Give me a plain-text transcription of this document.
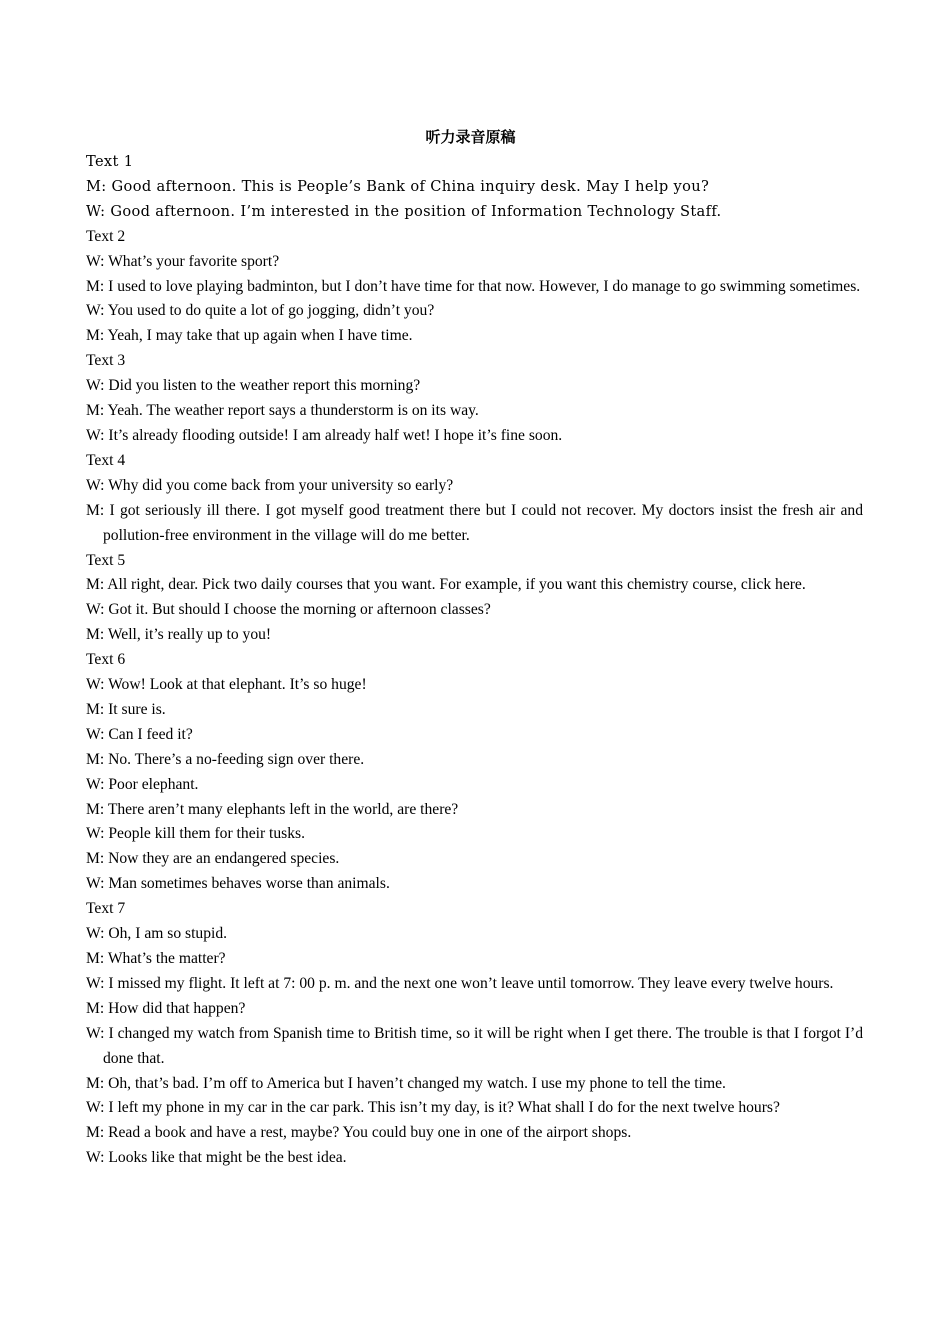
听力录音原稿
Text 1
M: Good afternoon. This is People’s Bank of China inquiry desk. May I help you?
W: Good afternoon. I’m interested in the position of Information Technology Staff.
Text 2
W: What’s your favorite sport?
M: I used to love playing badminton, but I don’t have time for that now. However, I do manage to go swimming sometimes.
W: You used to do quite a lot of go jogging, didn’t you?
M: Yeah, I may take that up again when I have time.
Text 3
W: Did you listen to the weather report this morning?
M: Yeah. The weather report says a thunderstorm is on its way.
W: It’s already flooding outside! I am already half wet! I hope it’s fine soon.
Text 4
W: Why did you come back from your university so early?
M: I got seriously ill there. I got myself good treatment there but I could not recover. My doctors insist the fresh air and pollution-free environment in the village will do me better.
Text 5
M: All right, dear. Pick two daily courses that you want. For example, if you want this chemistry course, click here.
W: Got it. But should I choose the morning or afternoon classes?
M: Well, it’s really up to you!
Text 6
W: Wow! Look at that elephant. It’s so huge!
M: It sure is.
W: Can I feed it?
M: No. There’s a no-feeding sign over there.
W: Poor elephant.
M: There aren’t many elephants left in the world, are there?
W: People kill them for their tusks.
M: Now they are an endangered species.
W: Man sometimes behaves worse than animals.
Text 7
W: Oh, I am so stupid.
M: What’s the matter?
W: I missed my flight. It left at 7: 00 p. m. and the next one won’t leave until tomorrow. They leave every twelve hours.
M: How did that happen?
W: I changed my watch from Spanish time to British time, so it will be right when I get there. The trouble is that I forgot I’d done that.
M: Oh, that’s bad. I’m off to America but I haven’t changed my watch. I use my phone to tell the time.
W: I left my phone in my car in the car park. This isn’t my day, is it? What shall I do for the next twelve hours?
M: Read a book and have a rest, maybe? You could buy one in one of the airport shops.
W: Looks like that might be the best idea.
